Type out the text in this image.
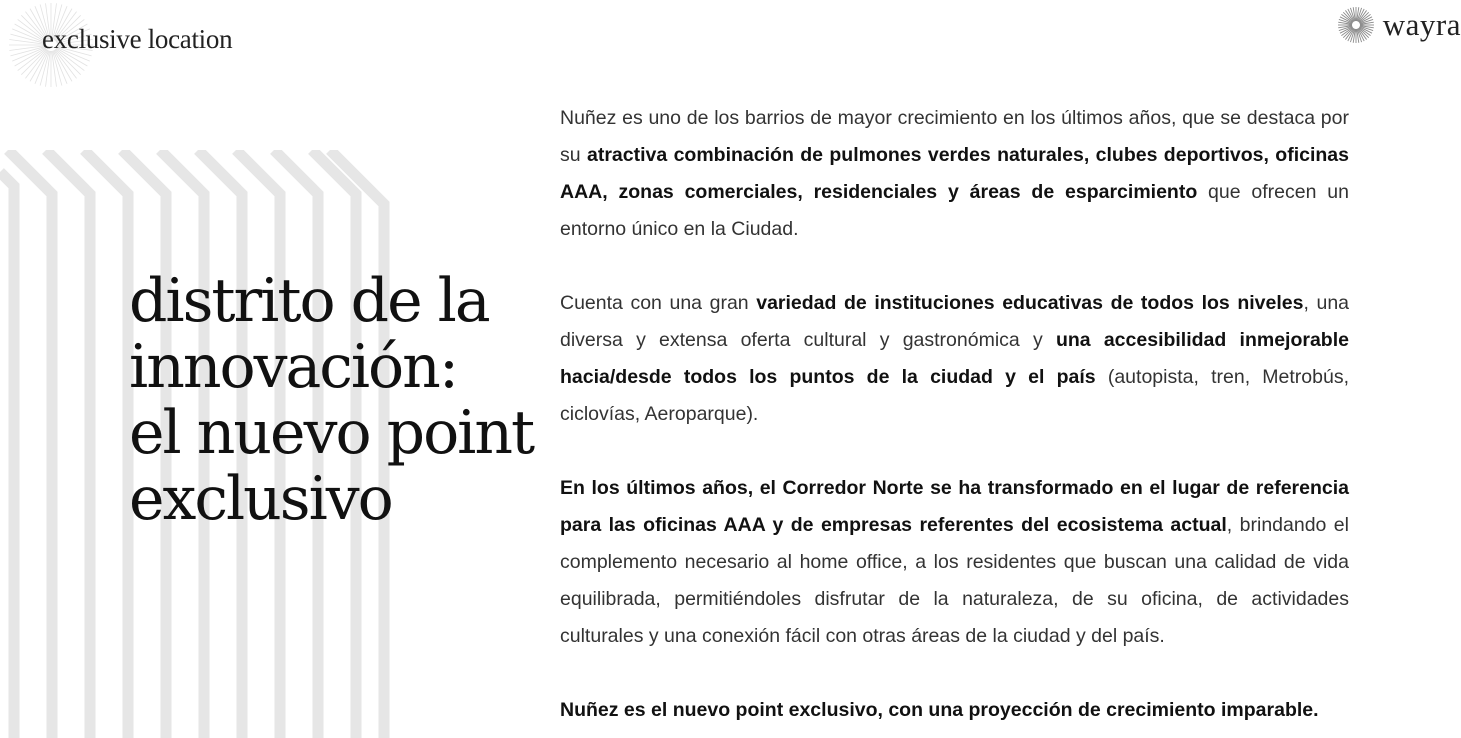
exclusive location	wayra
distrito de la
innovación:
el nuevo point
exclusivo

Nuñez es uno de los barrios de mayor crecimiento en los últimos años, que se destaca por su atractiva combinación de pulmones verdes naturales, clubes deportivos, oficinas AAA, zonas comerciales, residenciales y áreas de esparcimiento que ofrecen un entorno único en la Ciudad.

Cuenta con una gran variedad de instituciones educativas de todos los niveles, una diversa y extensa oferta cultural y gastronómica y una accesibilidad inmejorable hacia/desde todos los puntos de la ciudad y el país (autopista, tren, Metrobús, ciclovías, Aeroparque).

En los últimos años, el Corredor Norte se ha transformado en el lugar de referencia para las oficinas AAA y de empresas referentes del ecosistema actual, brindando el complemento necesario al home office, a los residentes que buscan una calidad de vida equilibrada, permitiéndoles disfrutar de la naturaleza, de su oficina, de actividades culturales y una conexión fácil con otras áreas de la ciudad y del país.

Nuñez es el nuevo point exclusivo, con una proyección de crecimiento imparable.
